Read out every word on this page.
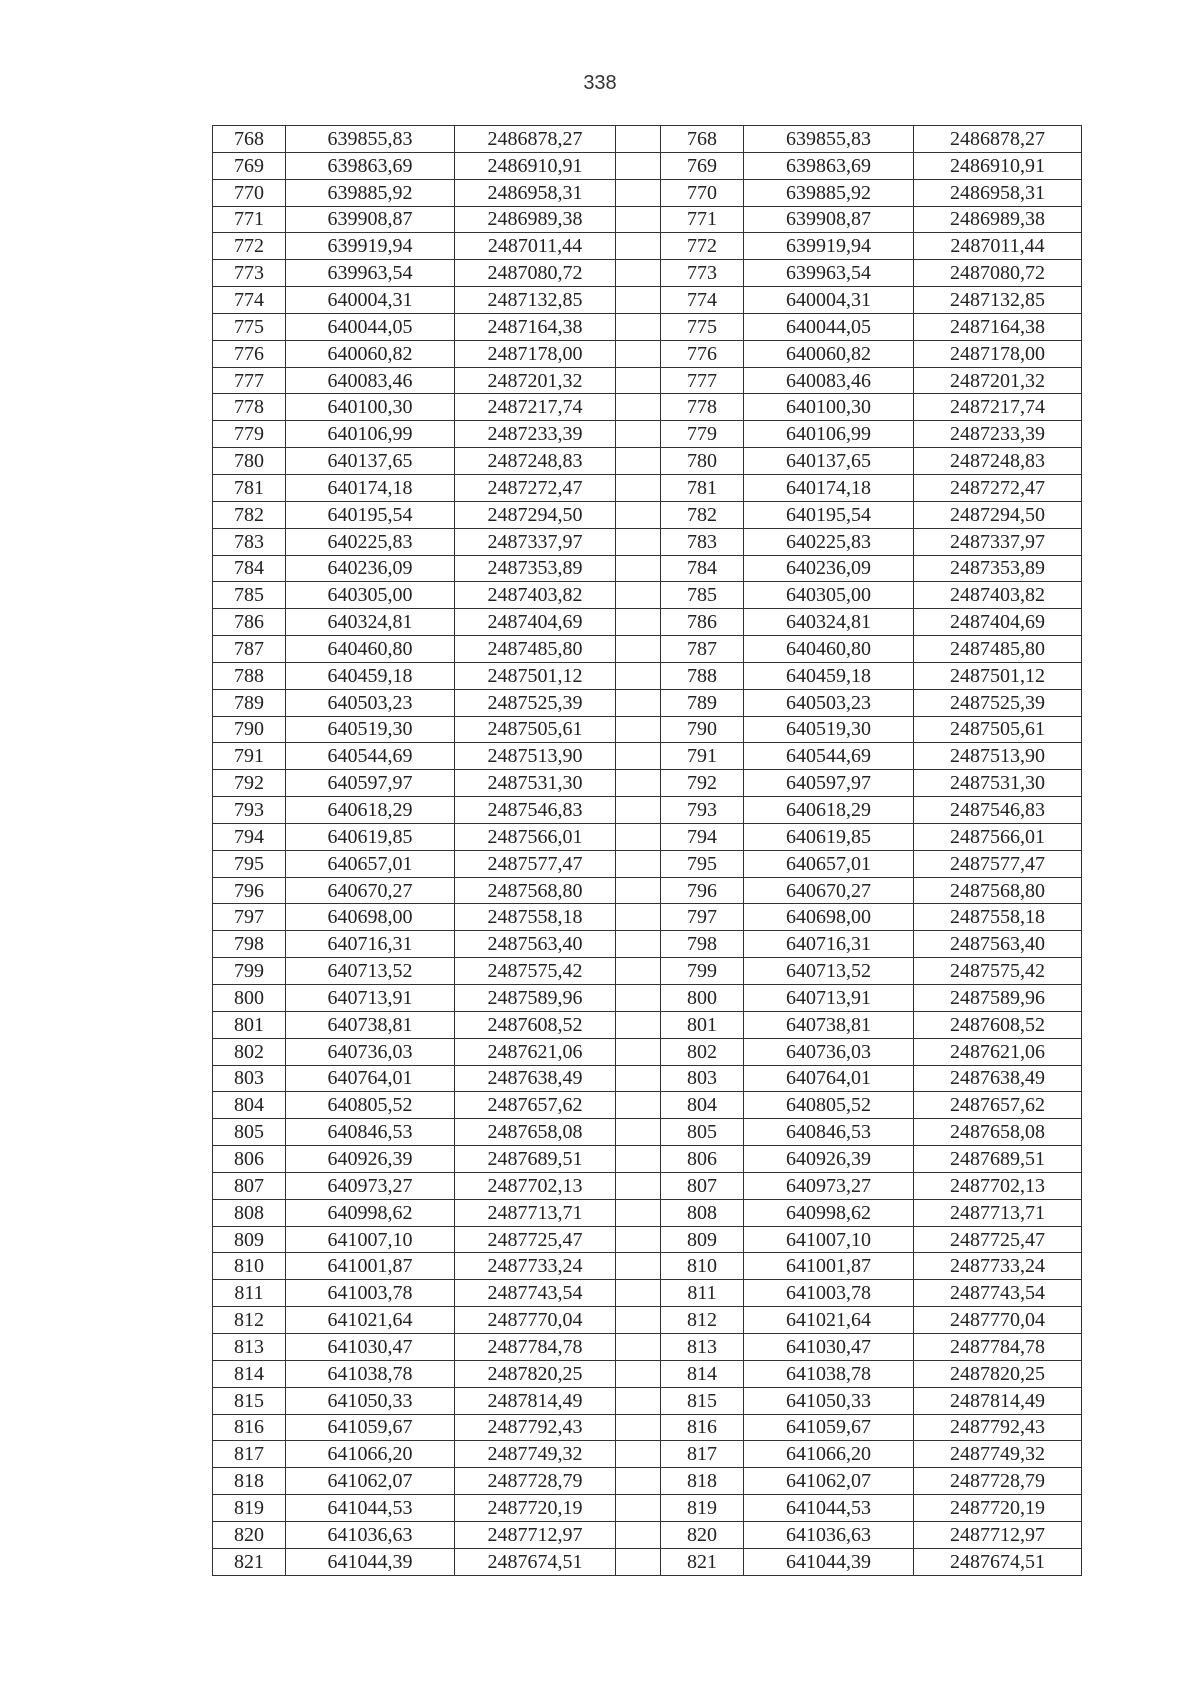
338
768	639855,83	2486878,27		768	639855,83	2486878,27
769	639863,69	2486910,91		769	639863,69	2486910,91
770	639885,92	2486958,31		770	639885,92	2486958,31
771	639908,87	2486989,38		771	639908,87	2486989,38
772	639919,94	2487011,44		772	639919,94	2487011,44
773	639963,54	2487080,72		773	639963,54	2487080,72
774	640004,31	2487132,85		774	640004,31	2487132,85
775	640044,05	2487164,38		775	640044,05	2487164,38
776	640060,82	2487178,00		776	640060,82	2487178,00
777	640083,46	2487201,32		777	640083,46	2487201,32
778	640100,30	2487217,74		778	640100,30	2487217,74
779	640106,99	2487233,39		779	640106,99	2487233,39
780	640137,65	2487248,83		780	640137,65	2487248,83
781	640174,18	2487272,47		781	640174,18	2487272,47
782	640195,54	2487294,50		782	640195,54	2487294,50
783	640225,83	2487337,97		783	640225,83	2487337,97
784	640236,09	2487353,89		784	640236,09	2487353,89
785	640305,00	2487403,82		785	640305,00	2487403,82
786	640324,81	2487404,69		786	640324,81	2487404,69
787	640460,80	2487485,80		787	640460,80	2487485,80
788	640459,18	2487501,12		788	640459,18	2487501,12
789	640503,23	2487525,39		789	640503,23	2487525,39
790	640519,30	2487505,61		790	640519,30	2487505,61
791	640544,69	2487513,90		791	640544,69	2487513,90
792	640597,97	2487531,30		792	640597,97	2487531,30
793	640618,29	2487546,83		793	640618,29	2487546,83
794	640619,85	2487566,01		794	640619,85	2487566,01
795	640657,01	2487577,47		795	640657,01	2487577,47
796	640670,27	2487568,80		796	640670,27	2487568,80
797	640698,00	2487558,18		797	640698,00	2487558,18
798	640716,31	2487563,40		798	640716,31	2487563,40
799	640713,52	2487575,42		799	640713,52	2487575,42
800	640713,91	2487589,96		800	640713,91	2487589,96
801	640738,81	2487608,52		801	640738,81	2487608,52
802	640736,03	2487621,06		802	640736,03	2487621,06
803	640764,01	2487638,49		803	640764,01	2487638,49
804	640805,52	2487657,62		804	640805,52	2487657,62
805	640846,53	2487658,08		805	640846,53	2487658,08
806	640926,39	2487689,51		806	640926,39	2487689,51
807	640973,27	2487702,13		807	640973,27	2487702,13
808	640998,62	2487713,71		808	640998,62	2487713,71
809	641007,10	2487725,47		809	641007,10	2487725,47
810	641001,87	2487733,24		810	641001,87	2487733,24
811	641003,78	2487743,54		811	641003,78	2487743,54
812	641021,64	2487770,04		812	641021,64	2487770,04
813	641030,47	2487784,78		813	641030,47	2487784,78
814	641038,78	2487820,25		814	641038,78	2487820,25
815	641050,33	2487814,49		815	641050,33	2487814,49
816	641059,67	2487792,43		816	641059,67	2487792,43
817	641066,20	2487749,32		817	641066,20	2487749,32
818	641062,07	2487728,79		818	641062,07	2487728,79
819	641044,53	2487720,19		819	641044,53	2487720,19
820	641036,63	2487712,97		820	641036,63	2487712,97
821	641044,39	2487674,51		821	641044,39	2487674,51
